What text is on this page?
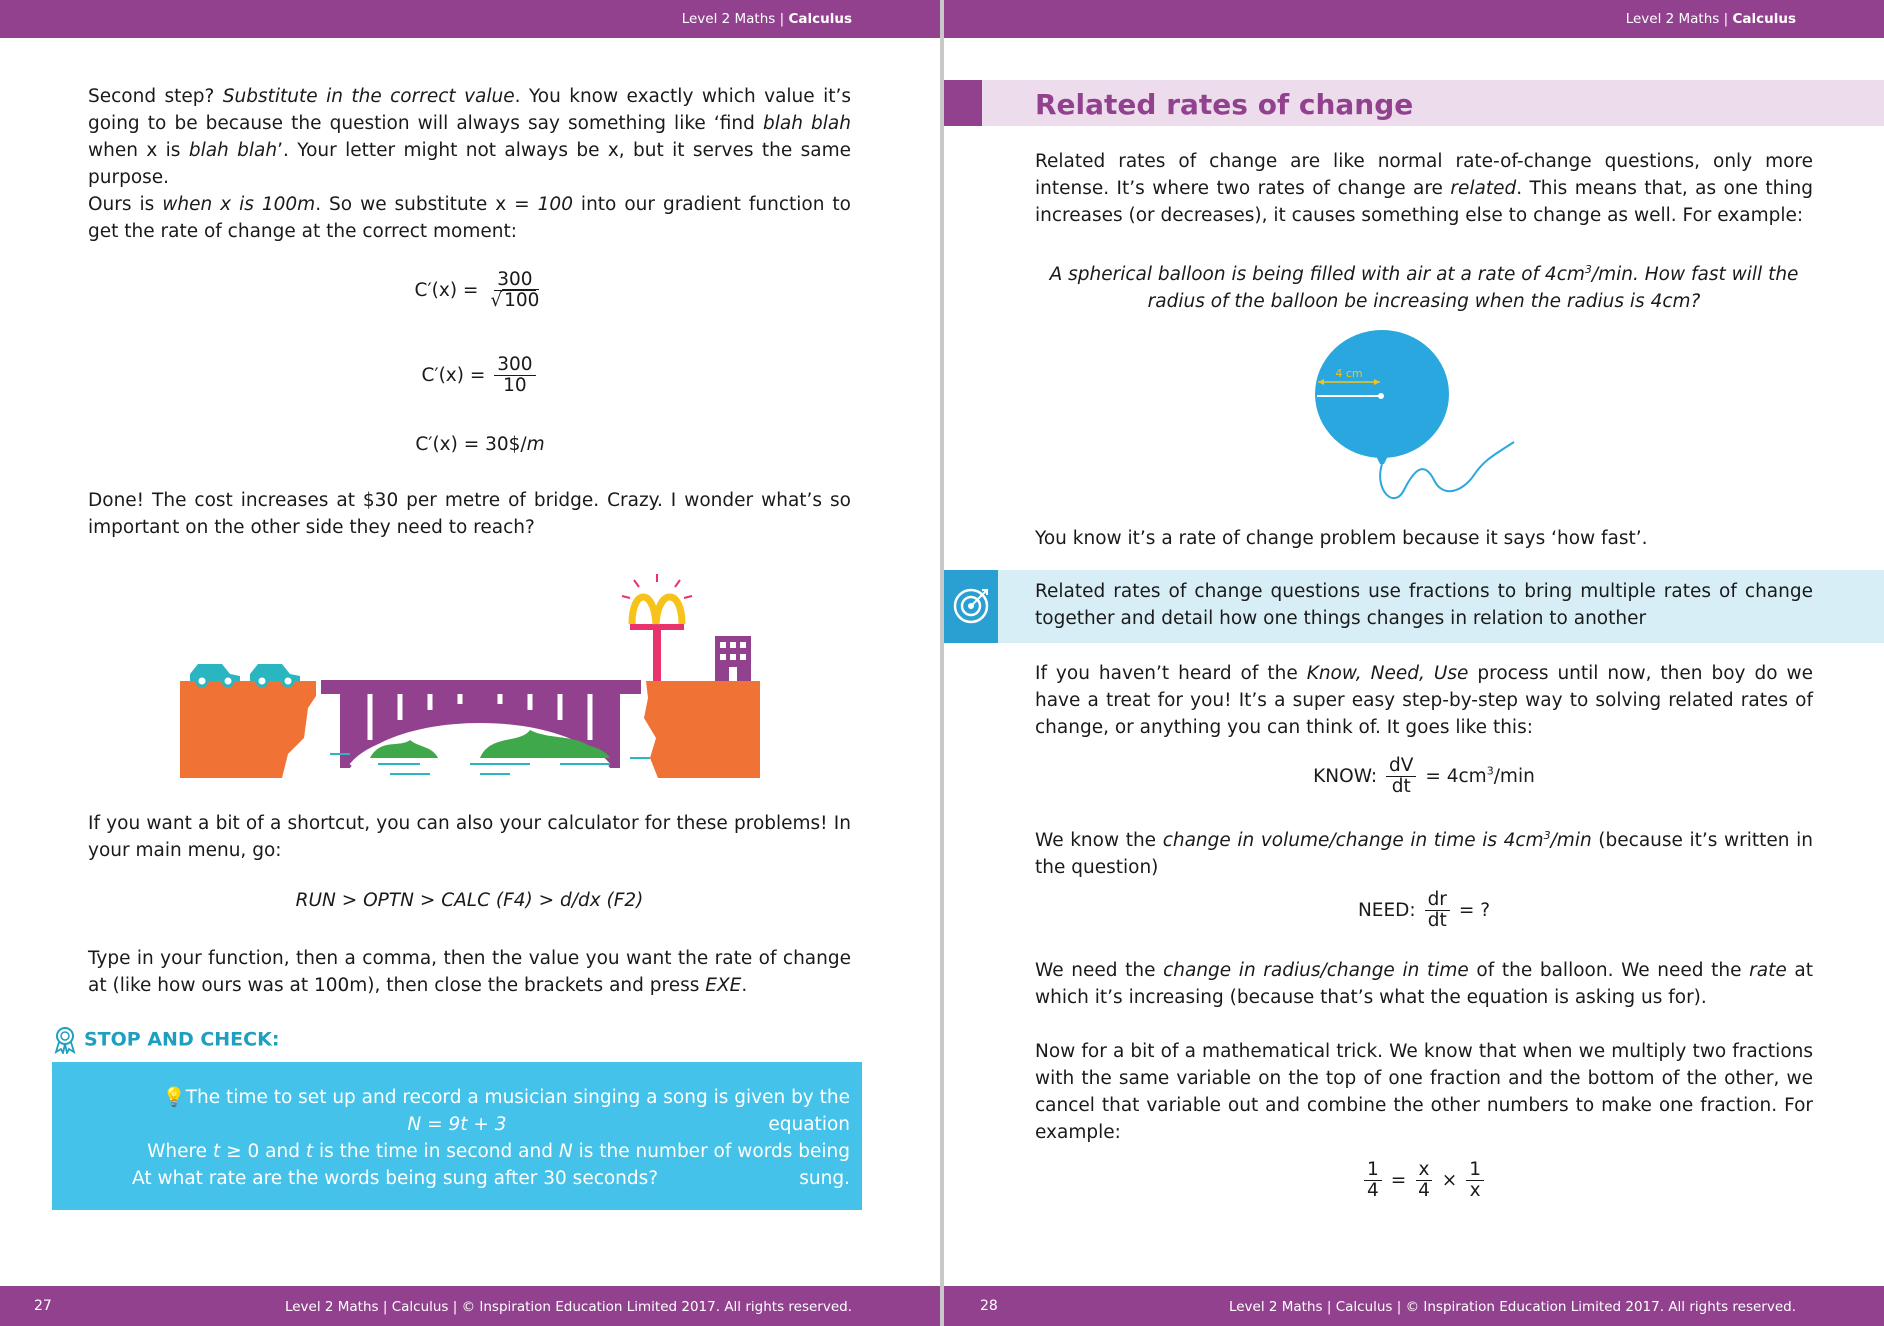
Level 2 Maths | Calculus
Second step? Substitute in the correct value. You know exactly which value it’s going to be because the question will always say something like ‘find blah blah when x is blah blah’. Your letter might not always be x, but it serves the same purpose.
Ours is when x is 100m. So we substitute x = 100 into our gradient function to get the rate of change at the correct moment:
$C'(x) = \frac{300}{√ 100}$
$C'(x) = \frac{300}{10}$
C′(x) = 30$/m
Done! The cost increases at $30 per metre of bridge. Crazy. I wonder what’s so important on the other side they need to reach?
If you want a bit of a shortcut, you can also your calculator for these problems! In your main menu, go:
RUN > OPTN > CALC (F4) > d/dx (F2)
Type in your function, then a comma, then the value you want the rate of change at (like how ours was at 100m), then close the brackets and press EXE.
STOP AND CHECK:
💡The time to set up and record a musician singing a song is given by the equation
N = 9t + 3
Where t ≥ 0 and t is the time in second and N is the number of words being sung.
At what rate are the words being sung after 30 seconds?
27	Level 2 Maths | Calculus | © Inspiration Education Limited 2017. All rights reserved.
Level 2 Maths | Calculus
Related rates of change
Related rates of change are like normal rate-of-change questions, only more intense. It’s where two rates of change are related. This means that, as one thing increases (or decreases), it causes something else to change as well. For example:
A spherical balloon is being filled with air at a rate of $4cm^3/\min$. How fast will the radius of the balloon be increasing when the radius is 4cm?
4 cm
You know it’s a rate of change problem because it says ‘how fast’.
Related rates of change questions use fractions to bring multiple rates of change together and detail how one things changes in relation to another
If you haven’t heard of the Know, Need, Use process until now, then boy do we have a treat for you! It’s a super easy step-by-step way to solving related rates of change, or anything you can think of. It goes like this:
KNOW: $\frac{dV}{dt} = 4cm^3/\min$
We know the change in volume/change in time is $4cm^3/\min$ (because it’s written in the question)
NEED: $\frac{dr}{dt}$ = ?
We need the change in radius/change in time of the balloon. We need the rate at which it’s increasing (because that’s what the equation is asking us for).
Now for a bit of a mathematical trick. We know that when we multiply two fractions with the same variable on the top of one fraction and the bottom of the other, we cancel that variable out and combine the other numbers to make one fraction. For example:
$\frac{1}{4} = \frac{x}{4} \times \frac{1}{x}$
28	Level 2 Maths | Calculus | © Inspiration Education Limited 2017. All rights reserved.
